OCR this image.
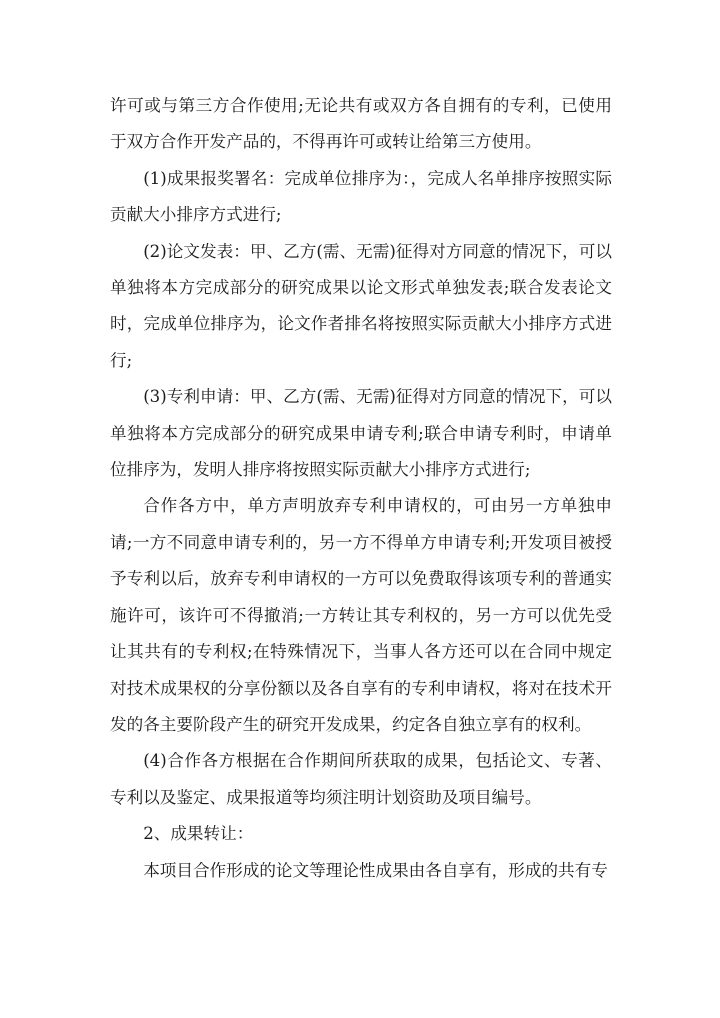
许可或与第三方合作使用;无论共有或双方各自拥有的专利，已使用于双方合作开发产品的，不得再许可或转让给第三方使用。

(1)成果报奖署名：完成单位排序为：，完成人名单排序按照实际贡献大小排序方式进行;

(2)论文发表：甲、乙方(需、无需)征得对方同意的情况下，可以单独将本方完成部分的研究成果以论文形式单独发表;联合发表论文时，完成单位排序为，论文作者排名将按照实际贡献大小排序方式进行;

(3)专利申请：甲、乙方(需、无需)征得对方同意的情况下，可以单独将本方完成部分的研究成果申请专利;联合申请专利时，申请单位排序为，发明人排序将按照实际贡献大小排序方式进行;

合作各方中，单方声明放弃专利申请权的，可由另一方单独申请;一方不同意申请专利的，另一方不得单方申请专利;开发项目被授予专利以后，放弃专利申请权的一方可以免费取得该项专利的普通实施许可，该许可不得撤消;一方转让其专利权的，另一方可以优先受让其共有的专利权;在特殊情况下，当事人各方还可以在合同中规定对技术成果权的分享份额以及各自享有的专利申请权，将对在技术开发的各主要阶段产生的研究开发成果，约定各自独立享有的权利。

(4)合作各方根据在合作期间所获取的成果，包括论文、专著、专利以及鉴定、成果报道等均须注明计划资助及项目编号。

2、成果转让：

本项目合作形成的论文等理论性成果由各自享有，形成的共有专
